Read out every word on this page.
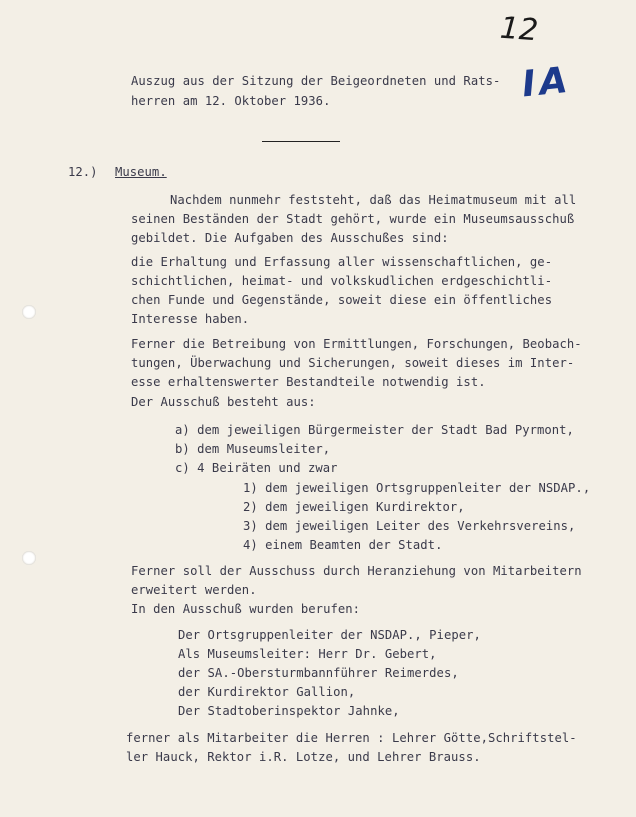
12
IA
Auszug aus der Sitzung der Beigeordneten und Rats-
herren am 12. Oktober 1936.
12.) Museum.
Nachdem nunmehr feststeht, daß das Heimatmuseum mit all
seinen Beständen der Stadt gehört, wurde ein Museumsausschuß
gebildet. Die Aufgaben des Ausschußes sind:
die Erhaltung und Erfassung aller wissenschaftlichen, ge-
schichtlichen, heimat- und volkskudlichen erdgeschichtli-
chen Funde und Gegenstände, soweit diese ein öffentliches
Interesse haben.
Ferner die Betreibung von Ermittlungen, Forschungen, Beobach-
tungen, Überwachung und Sicherungen, soweit dieses im Inter-
esse erhaltenswerter Bestandteile notwendig ist.
Der Ausschuß besteht aus:
a) dem jeweiligen Bürgermeister der Stadt Bad Pyrmont,
b) dem Museumsleiter,
c) 4 Beiräten und zwar
1) dem jeweiligen Ortsgruppenleiter der NSDAP.,
2) dem jeweiligen Kurdirektor,
3) dem jeweiligen Leiter des Verkehrsvereins,
4) einem Beamten der Stadt.
Ferner soll der Ausschuss durch Heranziehung von Mitarbeitern
erweitert werden.
In den Ausschuß wurden berufen:
Der Ortsgruppenleiter der NSDAP., Pieper,
Als Museumsleiter: Herr Dr. Gebert,
der SA.-Obersturmbannführer Reimerdes,
der Kurdirektor Gallion,
Der Stadtoberinspektor Jahnke,
ferner als Mitarbeiter die Herren : Lehrer Götte,Schriftstel-
ler Hauck, Rektor i.R. Lotze, und Lehrer Brauss.
